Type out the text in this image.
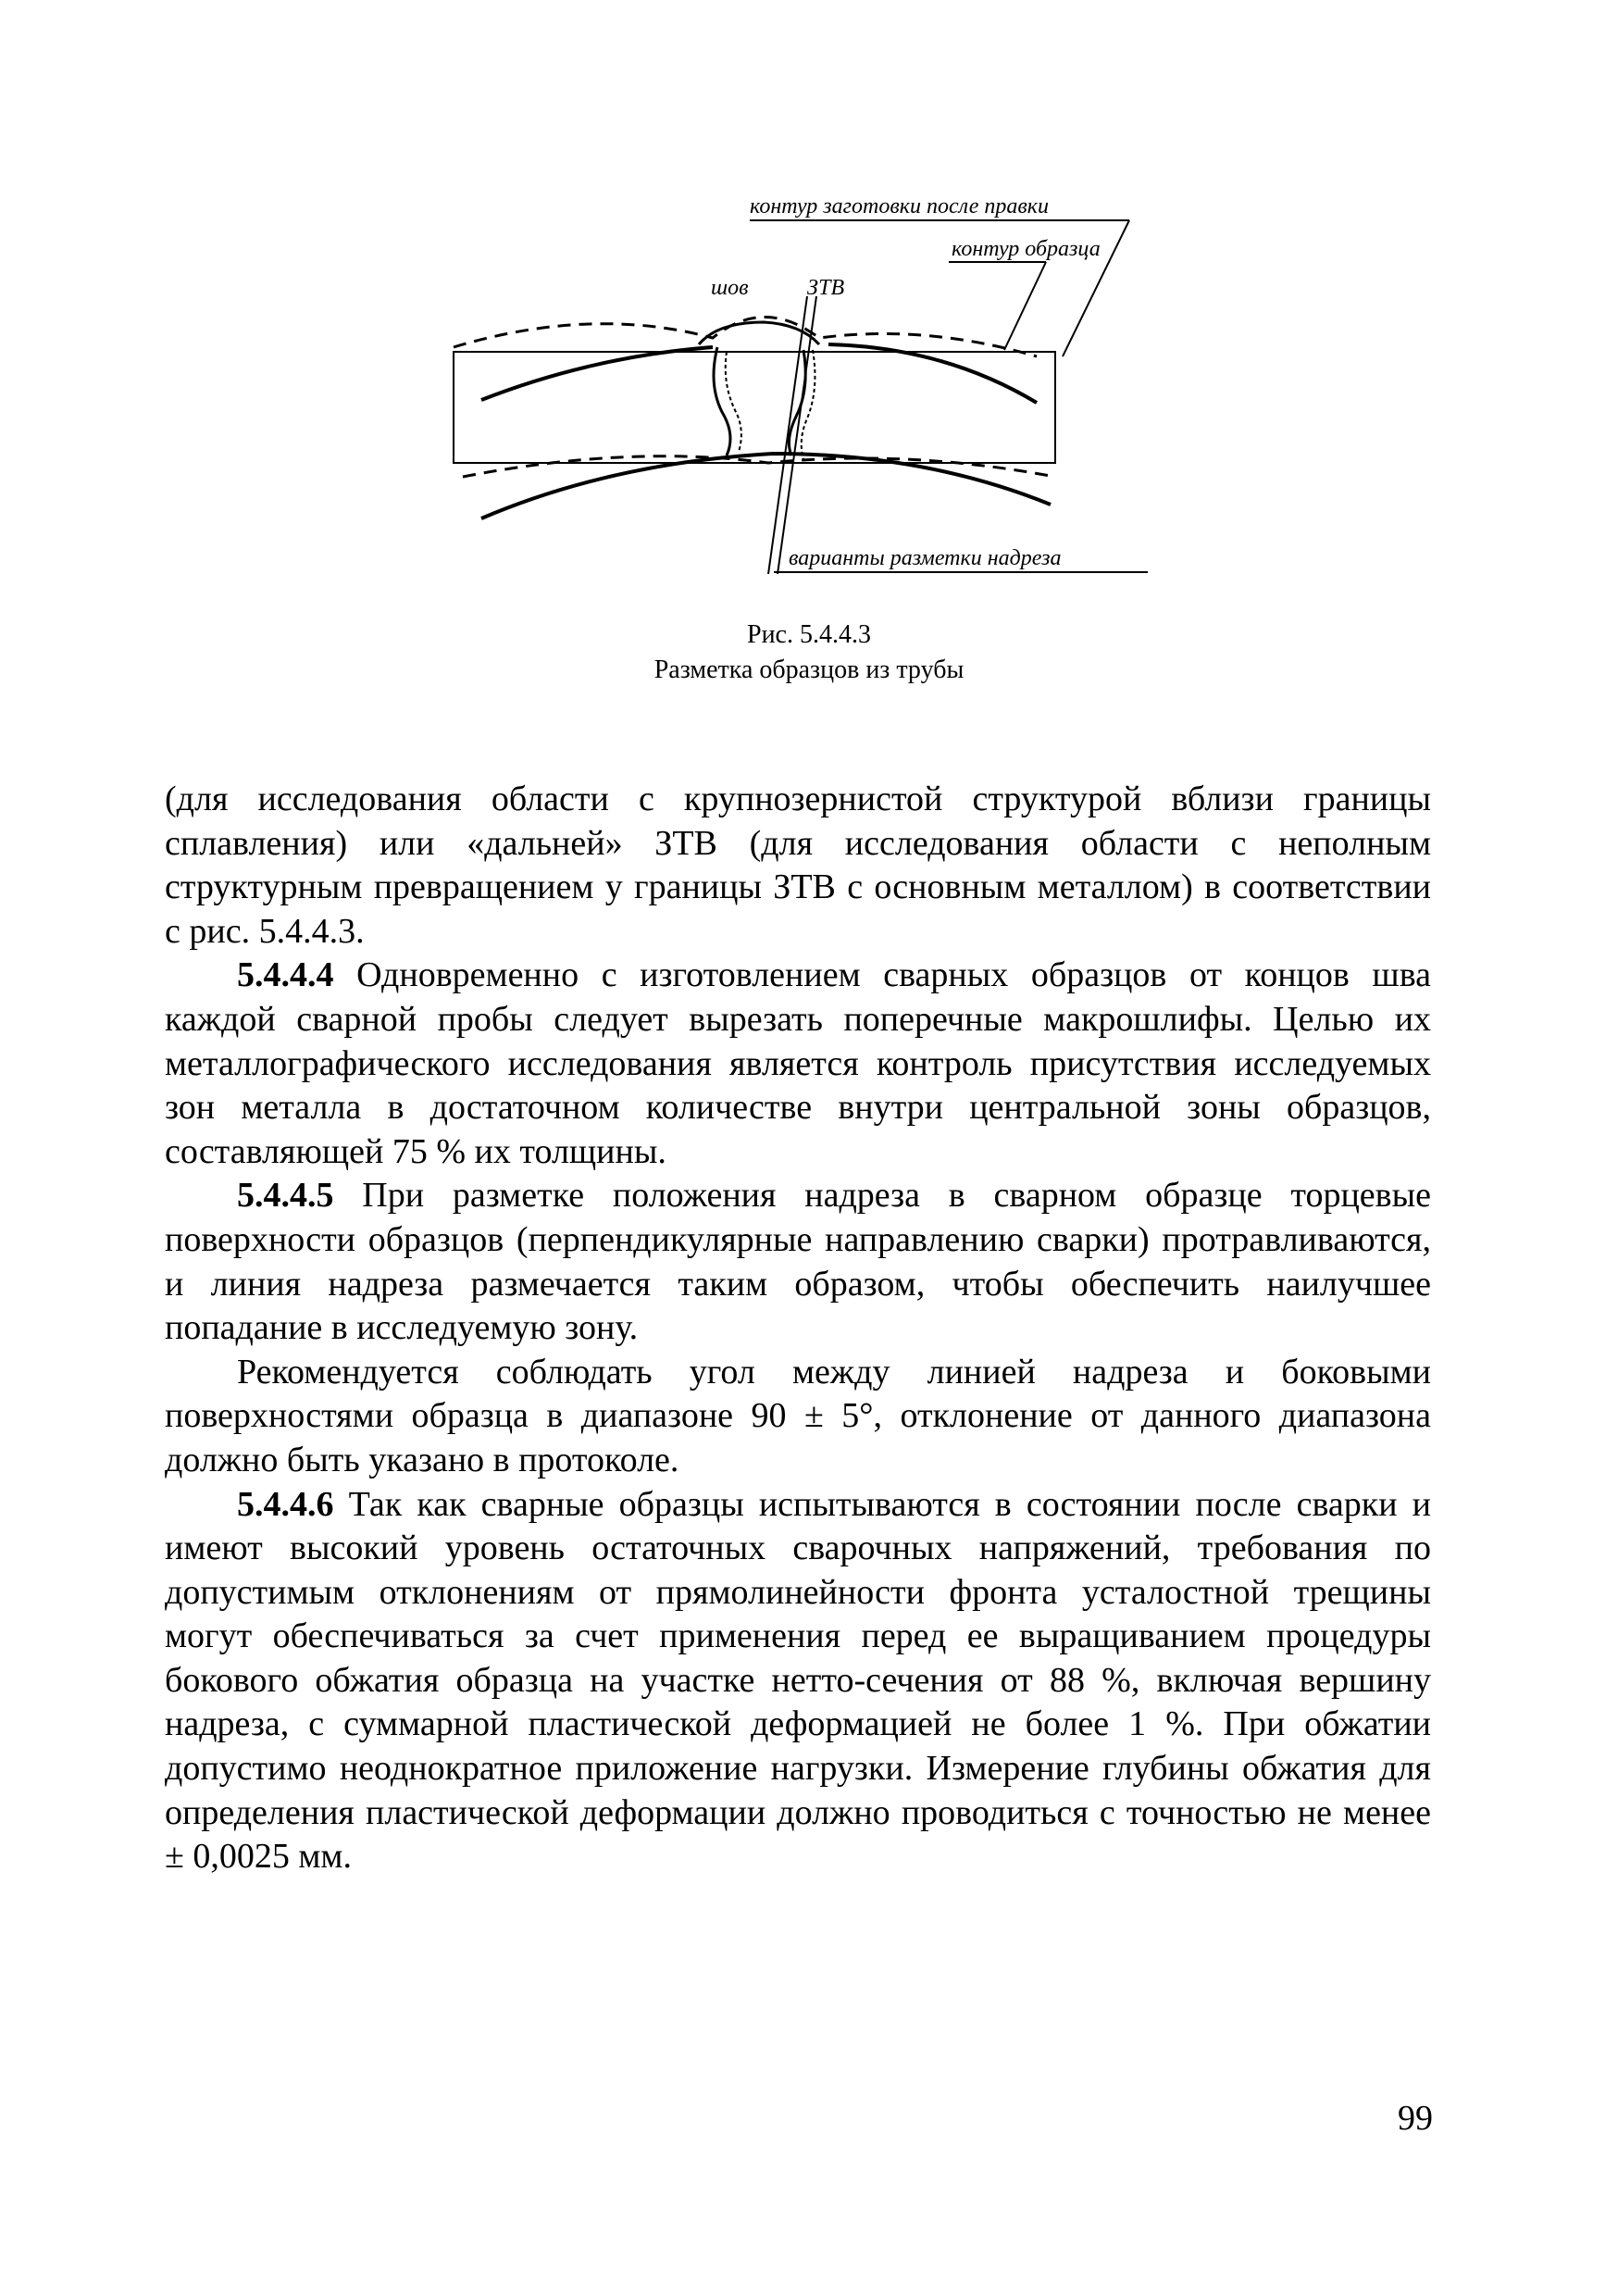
контур заготовки после правки
контур образца
шов	ЗТВ
варианты разметки надреза
Рис. 5.4.4.3
Разметка образцов из трубы

(для исследования области с крупнозернистой структурой вблизи границы сплавления) или «дальней» ЗТВ (для исследования области с неполным структурным превращением у границы ЗТВ с основным металлом) в соответствии с рис. 5.4.4.3.

5.4.4.4 Одновременно с изготовлением сварных образцов от концов шва каждой сварной пробы следует вырезать поперечные макрошлифы. Целью их металлографического исследования является контроль присутствия исследуемых зон металла в достаточном количестве внутри центральной зоны образцов, составляющей 75 % их толщины.

5.4.4.5 При разметке положения надреза в сварном образце торцевые поверхности образцов (перпендикулярные направлению сварки) протравливаются, и линия надреза размечается таким образом, чтобы обеспечить наилучшее попадание в исследуемую зону.

Рекомендуется соблюдать угол между линией надреза и боковыми поверхностями образца в диапазоне 90 ± 5°, отклонение от данного диапазона должно быть указано в протоколе.

5.4.4.6 Так как сварные образцы испытываются в состоянии после сварки и имеют высокий уровень остаточных сварочных напряжений, требования по допустимым отклонениям от прямолинейности фронта усталостной трещины могут обеспечиваться за счет применения перед ее выращиванием процедуры бокового обжатия образца на участке нетто-сечения от 88 %, включая вершину надреза, с суммарной пластической деформацией не более 1 %. При обжатии допустимо неоднократное приложение нагрузки. Измерение глубины обжатия для определения пластической деформации должно проводиться с точностью не менее ± 0,0025 мм.

99
